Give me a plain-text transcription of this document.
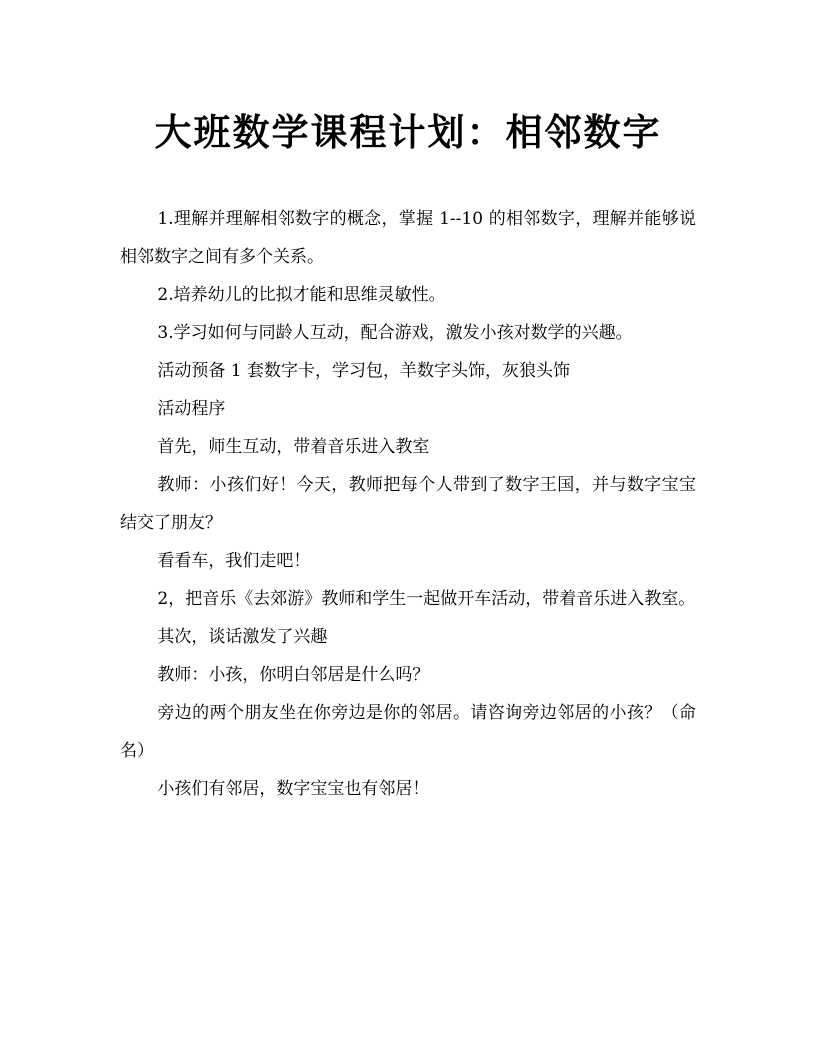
大班数学课程计划：相邻数字

1.理解并理解相邻数字的概念，掌握 1--10 的相邻数字，理解并能够说相邻数字之间有多个关系。

2.培养幼儿的比拟才能和思维灵敏性。

3.学习如何与同龄人互动，配合游戏，激发小孩对数学的兴趣。

活动预备 1 套数字卡，学习包，羊数字头饰，灰狼头饰

活动程序

首先，师生互动，带着音乐进入教室

教师：小孩们好！今天，教师把每个人带到了数字王国，并与数字宝宝结交了朋友？

看看车，我们走吧！

2，把音乐《去郊游》教师和学生一起做开车活动，带着音乐进入教室。

其次，谈话激发了兴趣

教师：小孩，你明白邻居是什么吗？

旁边的两个朋友坐在你旁边是你的邻居。请咨询旁边邻居的小孩？（命名）

小孩们有邻居，数字宝宝也有邻居！
